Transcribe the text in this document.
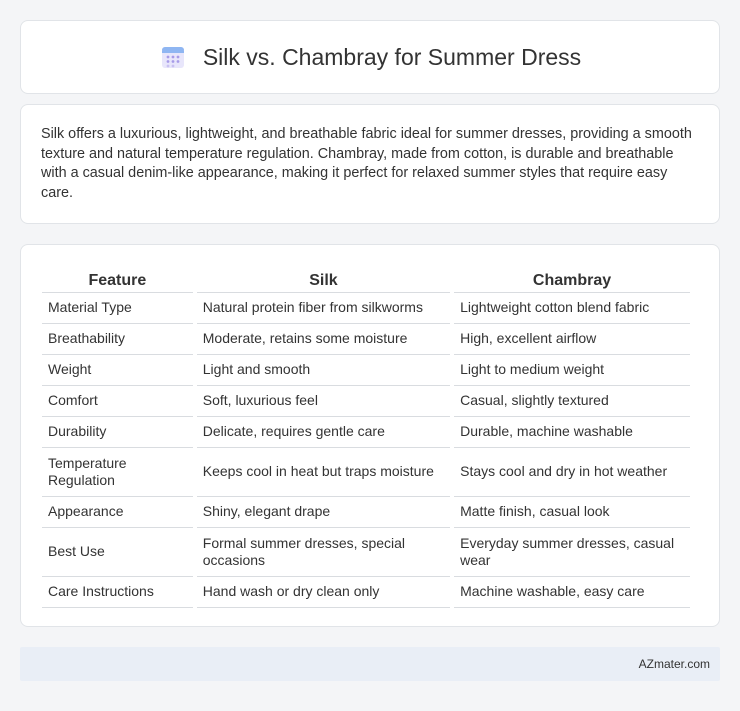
Silk vs. Chambray for Summer Dress

Silk offers a luxurious, lightweight, and breathable fabric ideal for summer dresses, providing a smooth texture and natural temperature regulation. Chambray, made from cotton, is durable and breathable with a casual denim-like appearance, making it perfect for relaxed summer styles that require easy care.

Feature	Silk	Chambray
Material Type	Natural protein fiber from silkworms	Lightweight cotton blend fabric
Breathability	Moderate, retains some moisture	High, excellent airflow
Weight	Light and smooth	Light to medium weight
Comfort	Soft, luxurious feel	Casual, slightly textured
Durability	Delicate, requires gentle care	Durable, machine washable
Temperature Regulation	Keeps cool in heat but traps moisture	Stays cool and dry in hot weather
Appearance	Shiny, elegant drape	Matte finish, casual look
Best Use	Formal summer dresses, special occasions	Everyday summer dresses, casual wear
Care Instructions	Hand wash or dry clean only	Machine washable, easy care
AZmater.com
